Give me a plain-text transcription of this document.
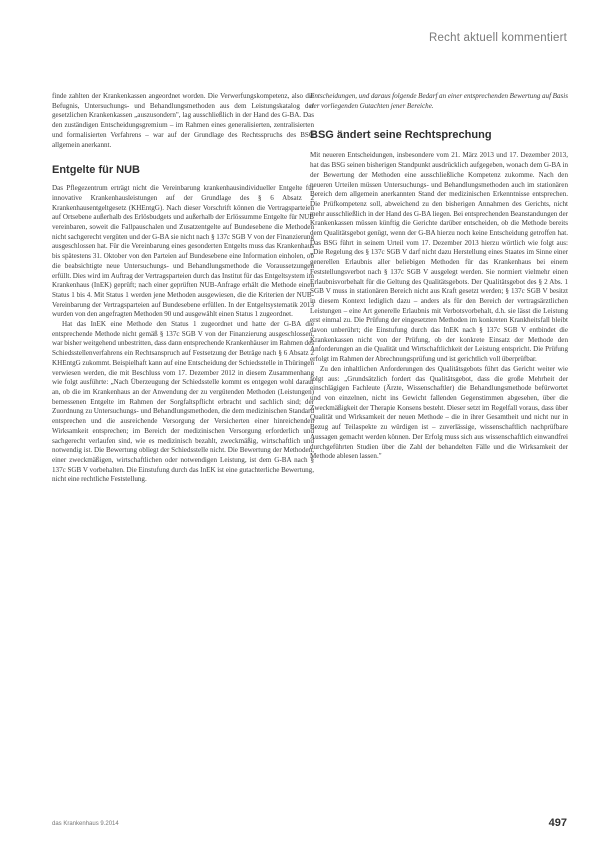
Recht aktuell kommentiert

finde zahlten der Krankenkassen angeordnet worden. Die Verwerfungskompetenz, also die Befugnis, Untersuchungs- und Behandlungsmethoden aus dem Leistungskatalog der gesetzlichen Krankenkassen „auszusondern", lag ausschließlich in der Hand des G-BA. Das den zuständigen Entscheidungsgremium – im Rahmen eines generalisierten, zentralisierten und formalisierten Verfahrens – war auf der Grundlage des Rechtsspruchs des BSG allgemein anerkannt.

Entgelte für NUB

Das Pflegezentrum erträgt nicht die Vereinbarung krankenhausindividueller Entgelte für innovative Krankenhausleistungen auf der Grundlage des § 6 Absatz 2 Krankenhausentgeltgesetz (KHEntgG). Nach dieser Vorschrift können die Vertragsparteien auf Ortsebene außerhalb des Erlösbudgets und außerhalb der Erlössumme Entgelte für NUB vereinbaren, soweit die Fallpauschalen und Zusatzentgelte auf Bundesebene die Methoden nicht sachgerecht vergüten und der G-BA sie nicht nach § 137c SGB V von der Finanzierung ausgeschlossen hat. Für die Vereinbarung eines gesonderten Entgelts muss das Krankenhaus bis spätestens 31. Oktober von den Parteien auf Bundesebene eine Information einholen, ob die beabsichtigte neue Untersuchungs- und Behandlungsmethode die Voraussetzungen erfüllt. Dies wird im Auftrag der Vertragsparteien durch das Institut für das Entgeltsystem im Krankenhaus (InEK) geprüft; nach einer geprüften NUB-Anfrage erhält die Methode einen Status 1 bis 4. Mit Status 1 werden jene Methoden ausgewiesen, die die Kriterien der NUB-Vereinbarung der Vertragsparteien auf Bundesebene erfüllen. In der Entgeltsystematik 2013 wurden von den angefragten Methoden 90 und ausgewählt einen Status 1 zugeordnet.

Hat das InEK eine Methode den Status 1 zugeordnet und hatte der G-BA die entsprechende Methode nicht gemäß § 137c SGB V von der Finanzierung ausgeschlossen, war bisher weitgehend unbestritten, dass dann entsprechende Krankenhäuser im Rahmen des Schiedsstellenverfahrens ein Rechtsanspruch auf Festsetzung der Beträge nach § 6 Absatz 2 KHEntgG zukommt. Beispielhaft kann auf eine Entscheidung der Schiedsstelle in Thüringen verwiesen werden, die mit Beschluss vom 17. Dezember 2012 in diesem Zusammenhang wie folgt ausführte: „Nach Überzeugung der Schiedsstelle kommt es entgegen wohl darauf an, ob die im Krankenhaus an der Anwendung der zu vergütenden Methoden (Leistungen) bemessenen Entgelte im Rahmen der Sorgfaltspflicht erbracht und sachlich sind; der Zuordnung zu Untersuchungs- und Behandlungsmethoden, die dem medizinischen Standard entsprechen und die ausreichende Versorgung der Versicherten einer hinreichenden Wirksamkeit entsprechen; im Bereich der medizinischen Versorgung erforderlich und sachgerecht verlaufen sind, wie es medizinisch bezahlt, zweckmäßig, wirtschaftlich und notwendig ist. Die Bewertung obliegt der Schiedsstelle nicht. Die Bewertung der Methoden, einer zweckmäßigen, wirtschaftlichen oder notwendigen Leistung, ist dem G-BA nach § 137c SGB V vorbehalten. Die Einstufung durch das InEK ist eine gutachterliche Bewertung, nicht eine rechtliche Feststellung.

Entscheidungen, und daraus folgende Bedarf an einer entsprechenden Bewertung auf Basis der vorliegenden Gutachten jener Bereiche.

BSG ändert seine Rechtsprechung

Mit neueren Entscheidungen, insbesondere vom 21. März 2013 und 17. Dezember 2013, hat das BSG seinen bisherigen Standpunkt ausdrücklich aufgegeben, wonach dem G-BA in der Bewertung der Methoden eine ausschließliche Kompetenz zukomme. Nach den neueren Urteilen müssen Untersuchungs- und Behandlungsmethoden auch im stationären Bereich dem allgemein anerkannten Stand der medizinischen Erkenntnisse entsprechen. Die Prüfkompetenz soll, abweichend zu den bisherigen Annahmen des Gerichts, nicht mehr ausschließlich in der Hand des G-BA liegen. Bei entsprechenden Beanstandungen der Krankenkassen müssen künftig die Gerichte darüber entscheiden, ob die Methode bereits dem Qualitätsgebot genügt, wenn der G-BA hierzu noch keine Entscheidung getroffen hat. Das BSG führt in seinem Urteil vom 17. Dezember 2013 hierzu wörtlich wie folgt aus: „Die Regelung des § 137c SGB V darf nicht dazu Herstellung eines Staates im Sinne einer generellen Erlaubnis aller beliebigen Methoden für das Krankenhaus bei einem Feststellungsverbot nach § 137c SGB V ausgelegt werden. Sie normiert vielmehr einen Erlaubnisvorbehalt für die Geltung des Qualitätsgebots. Der Qualitätsgebot des § 2 Abs. 1 SGB V muss in stationären Bereich nicht aus Kraft gesetzt werden; § 137c SGB V besitzt in diesem Kontext lediglich dazu – anders als für den Bereich der vertragsärztlichen Leistungen – eine Art generelle Erlaubnis mit Verbotsvorbehalt, d.h. sie lässt die Leistung erst einmal zu. Die Prüfung der eingesetzten Methoden im konkreten Krankheitsfall bleibt davon unberührt; die Einstufung durch das InEK nach § 137c SGB V entbindet die Krankenkassen nicht von der Prüfung, ob der konkrete Einsatz der Methode den Anforderungen an die Qualität und Wirtschaftlichkeit der Leistung entspricht. Die Prüfung erfolgt im Rahmen der Abrechnungsprüfung und ist gerichtlich voll überprüfbar.

Zu den inhaltlichen Anforderungen des Qualitätsgebots führt das Gericht weiter wie folgt aus: „Grundsätzlich fordert das Qualitätsgebot, dass die große Mehrheit der einschlägigen Fachleute (Ärzte, Wissenschaftler) die Behandlungsmethode befürwortet und von einzelnen, nicht ins Gewicht fallenden Gegenstimmen abgesehen, über die Zweckmäßigkeit der Therapie Konsens besteht. Dieser setzt im Regelfall voraus, dass über Qualität und Wirksamkeit der neuen Methode – die in ihrer Gesamtheit und nicht nur in Bezug auf Teilaspekte zu würdigen ist – zuverlässige, wissenschaftlich nachprüfbare Aussagen gemacht werden können. Der Erfolg muss sich aus wissenschaftlich einwandfrei durchgeführten Studien über die Zahl der behandelten Fälle und die Wirksamkeit der Methode ablesen lassen."

das Krankenhaus 9.2014	497
